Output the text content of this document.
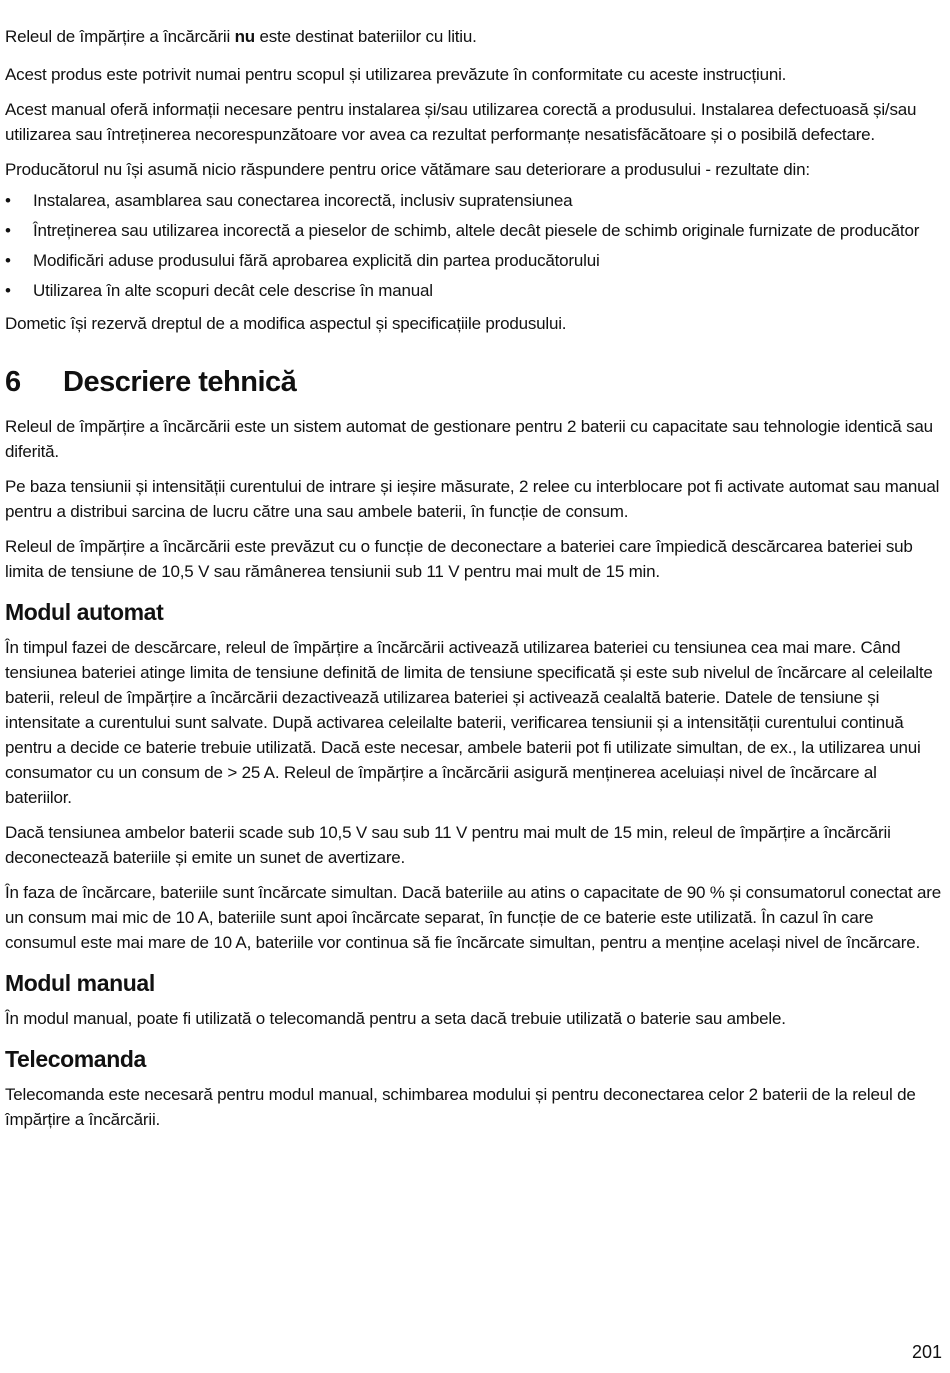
Releul de împărțire a încărcării nu este destinat bateriilor cu litiu.

Acest produs este potrivit numai pentru scopul și utilizarea prevăzute în conformitate cu aceste instrucțiuni.

Acest manual oferă informații necesare pentru instalarea și/sau utilizarea corectă a produsului. Instalarea defectuoasă și/sau utilizarea sau întreținerea necorespunzătoare vor avea ca rezultat performanțe nesatisfăcătoare și o posibilă defectare.

Producătorul nu își asumă nicio răspundere pentru orice vătămare sau deteriorare a produsului - rezultate din:

• Instalarea, asamblarea sau conectarea incorectă, inclusiv supratensiunea
• Întreținerea sau utilizarea incorectă a pieselor de schimb, altele decât piesele de schimb originale furnizate de producător
• Modificări aduse produsului fără aprobarea explicită din partea producătorului
• Utilizarea în alte scopuri decât cele descrise în manual

Dometic își rezervă dreptul de a modifica aspectul și specificațiile produsului.

6 Descriere tehnică

Releul de împărțire a încărcării este un sistem automat de gestionare pentru 2 baterii cu capacitate sau tehnologie identică sau diferită.

Pe baza tensiunii și intensității curentului de intrare și ieșire măsurate, 2 relee cu interblocare pot fi activate automat sau manual pentru a distribui sarcina de lucru către una sau ambele baterii, în funcție de consum.

Releul de împărțire a încărcării este prevăzut cu o funcție de deconectare a bateriei care împiedică descărcarea bateriei sub limita de tensiune de 10,5 V sau rămânerea tensiunii sub 11 V pentru mai mult de 15 min.

Modul automat

În timpul fazei de descărcare, releul de împărțire a încărcării activează utilizarea bateriei cu tensiunea cea mai mare. Când tensiunea bateriei atinge limita de tensiune definită de limita de tensiune specificată și este sub nivelul de încărcare al celeilalte baterii, releul de împărțire a încărcării dezactivează utilizarea bateriei și activează cealaltă baterie. Datele de tensiune și intensitate a curentului sunt salvate. După activarea celeilalte baterii, verificarea tensiunii și a intensității curentului continuă pentru a decide ce baterie trebuie utilizată. Dacă este necesar, ambele baterii pot fi utilizate simultan, de ex., la utilizarea unui consumator cu un consum de > 25 A. Releul de împărțire a încărcării asigură menținerea aceluiași nivel de încărcare al bateriilor.

Dacă tensiunea ambelor baterii scade sub 10,5 V sau sub 11 V pentru mai mult de 15 min, releul de împărțire a încărcării deconectează bateriile și emite un sunet de avertizare.

În faza de încărcare, bateriile sunt încărcate simultan. Dacă bateriile au atins o capacitate de 90 % și consumatorul conectat are un consum mai mic de 10 A, bateriile sunt apoi încărcate separat, în funcție de ce baterie este utilizată. În cazul în care consumul este mai mare de 10 A, bateriile vor continua să fie încărcate simultan, pentru a menține același nivel de încărcare.

Modul manual

În modul manual, poate fi utilizată o telecomandă pentru a seta dacă trebuie utilizată o baterie sau ambele.

Telecomanda

Telecomanda este necesară pentru modul manual, schimbarea modului și pentru deconectarea celor 2 baterii de la releul de împărțire a încărcării.

201
